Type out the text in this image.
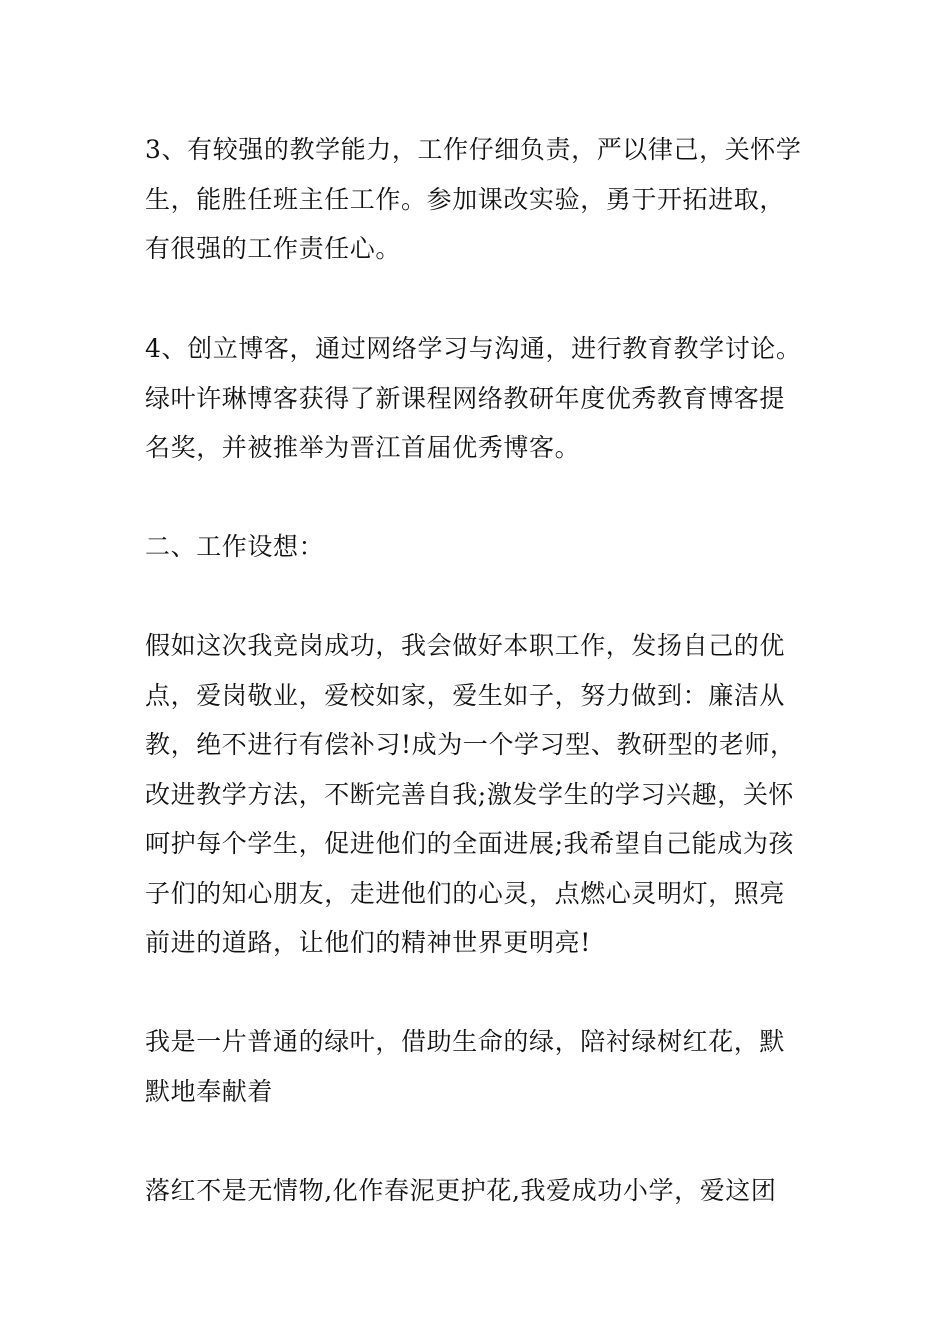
3、有较强的教学能力，工作仔细负责，严以律己，关怀学
生，能胜任班主任工作。参加课改实验，勇于开拓进取，
有很强的工作责任心。

4、创立博客，通过网络学习与沟通，进行教育教学讨论。
绿叶许琳博客获得了新课程网络教研年度优秀教育博客提
名奖，并被推举为晋江首届优秀博客。

二、工作设想：

假如这次我竞岗成功，我会做好本职工作，发扬自己的优
点，爱岗敬业，爱校如家，爱生如子，努力做到：廉洁从
教，绝不进行有偿补习!成为一个学习型、教研型的老师，
改进教学方法，不断完善自我;激发学生的学习兴趣，关怀
呵护每个学生，促进他们的全面进展;我希望自己能成为孩
子们的知心朋友，走进他们的心灵，点燃心灵明灯，照亮
前进的道路，让他们的精神世界更明亮!

我是一片普通的绿叶，借助生命的绿，陪衬绿树红花，默
默地奉献着

落红不是无情物,化作春泥更护花,我爱成功小学，爱这团
